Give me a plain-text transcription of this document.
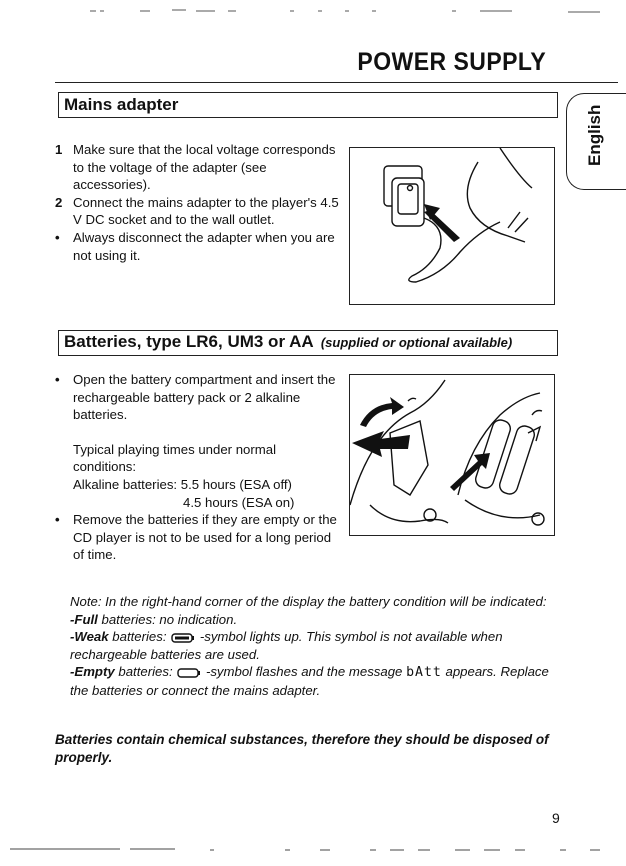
POWER SUPPLY
English
Mains adapter

1 Make sure that the local voltage corresponds to the voltage of the adapter (see accessories).

2 Connect the mains adapter to the player's 4.5 V DC socket and to the wall outlet.

• Always disconnect the adapter when you are not using it.

Batteries, type LR6, UM3 or AA (supplied or optional available)

• Open the battery compartment and insert the rechargeable battery pack or 2 alkaline batteries.

Typical playing times under normal conditions:

Alkaline batteries: 5.5 hours (ESA off)

4.5 hours (ESA on)

• Remove the batteries if they are empty or the CD player is not to be used for a long period of time.

Note: In the right-hand corner of the display the battery condition will be indicated:

-Full batteries: no indication.

-Weak batteries:  -symbol lights up. This symbol is not available when rechargeable batteries are used.

-Empty batteries:  -symbol flashes and the message bAtt appears. Replace the batteries or connect the mains adapter.

Batteries contain chemical substances, therefore they should be disposed of properly.
9
